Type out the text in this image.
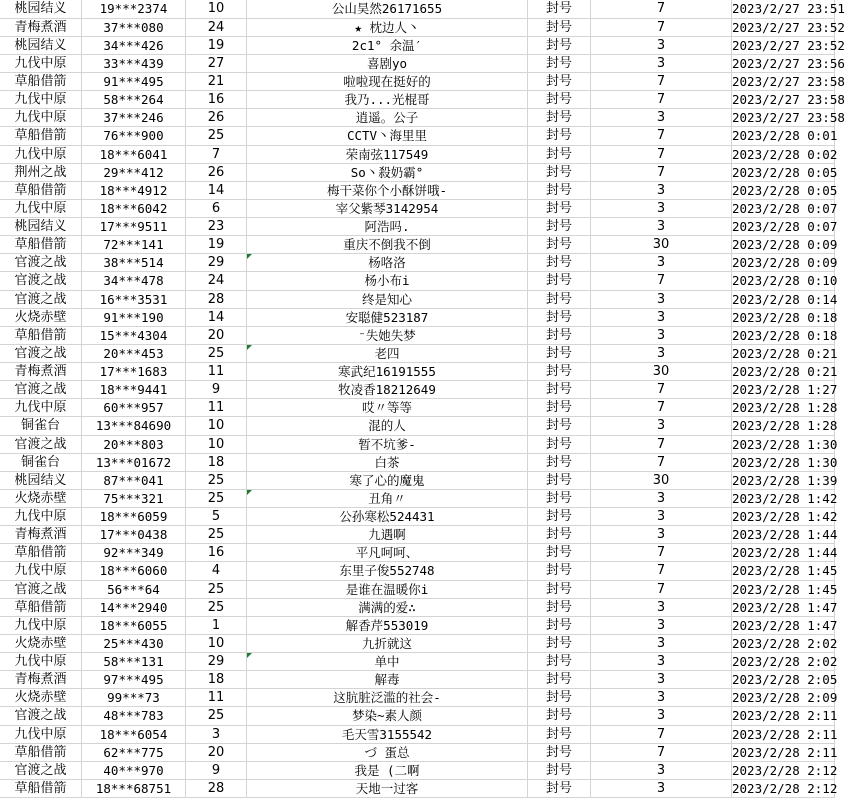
桃园结义	19***2374	10	公山昊然26171655	封号	7	2023/2/27 23:51
青梅煮酒	37***080	24	★ 枕边人丶	封号	7	2023/2/27 23:52
桃园结义	34***426	19	2c1° 余温′	封号	3	2023/2/27 23:52
九伐中原	33***439	27	喜剧yo	封号	3	2023/2/27 23:56
草船借箭	91***495	21	啦啦现在挺好的	封号	7	2023/2/27 23:58
九伐中原	58***264	16	我乃...光棍哥	封号	7	2023/2/27 23:58
九伐中原	37***246	26	逍遥。公子	封号	3	2023/2/27 23:58
草船借箭	76***900	25	CCTV丶海里里	封号	7	2023/2/28 0:01
九伐中原	18***6041	7	荣南弦117549	封号	7	2023/2/28 0:02
荆州之战	29***412	26	So丶殺奶霸°	封号	7	2023/2/28 0:05
草船借箭	18***4912	14	梅干菜你个小酥饼哦-	封号	3	2023/2/28 0:05
九伐中原	18***6042	6	宰父紫琴3142954	封号	3	2023/2/28 0:07
桃园结义	17***9511	23	阿浩吗.	封号	3	2023/2/28 0:07
草船借箭	72***141	19	重庆不倒我不倒	封号	30	2023/2/28 0:09
官渡之战	38***514	29	杨咯洛	封号	3	2023/2/28 0:09
官渡之战	34***478	24	杨小布i	封号	7	2023/2/28 0:10
官渡之战	16***3531	28	终是知心	封号	3	2023/2/28 0:14
火烧赤壁	91***190	14	安聪健523187	封号	3	2023/2/28 0:18
草船借箭	15***4304	20	⁻失她失梦	封号	3	2023/2/28 0:18
官渡之战	20***453	25	老四	封号	3	2023/2/28 0:21
青梅煮酒	17***1683	11	寒武纪16191555	封号	30	2023/2/28 0:21
官渡之战	18***9441	9	牧凌香18212649	封号	7	2023/2/28 1:27
九伐中原	60***957	11	哎〃等等	封号	7	2023/2/28 1:28
铜雀台	13***84690	10	混的人	封号	3	2023/2/28 1:28
官渡之战	20***803	10	暂不坑爹-	封号	7	2023/2/28 1:30
铜雀台	13***01672	18	白茶	封号	7	2023/2/28 1:30
桃园结义	87***041	25	寒了心的魔鬼	封号	30	2023/2/28 1:39
火烧赤壁	75***321	25	丑角〃	封号	3	2023/2/28 1:42
九伐中原	18***6059	5	公孙寒松524431	封号	3	2023/2/28 1:42
青梅煮酒	17***0438	25	九遇啊	封号	3	2023/2/28 1:44
草船借箭	92***349	16	平凡呵呵、	封号	7	2023/2/28 1:44
九伐中原	18***6060	4	东里子俊552748	封号	7	2023/2/28 1:45
官渡之战	56***64	25	是谁在温暖你i	封号	7	2023/2/28 1:45
草船借箭	14***2940	25	满满的爱∴	封号	3	2023/2/28 1:47
九伐中原	18***6055	1	解香芹553019	封号	3	2023/2/28 1:47
火烧赤壁	25***430	10	九折就这	封号	3	2023/2/28 2:02
九伐中原	58***131	29	单中	封号	3	2023/2/28 2:02
青梅煮酒	97***495	18	解毒	封号	3	2023/2/28 2:05
火烧赤壁	99***73	11	这肮脏泛滥的社会-	封号	3	2023/2/28 2:09
官渡之战	48***783	25	梦染~素人颜	封号	3	2023/2/28 2:11
九伐中原	18***6054	3	毛天雪3155542	封号	7	2023/2/28 2:11
草船借箭	62***775	20	づ 蛋总	封号	7	2023/2/28 2:11
官渡之战	40***970	9	我是 (二啊	封号	3	2023/2/28 2:12
草船借箭	18***68751	28	天地一过客	封号	3	2023/2/28 2:12
